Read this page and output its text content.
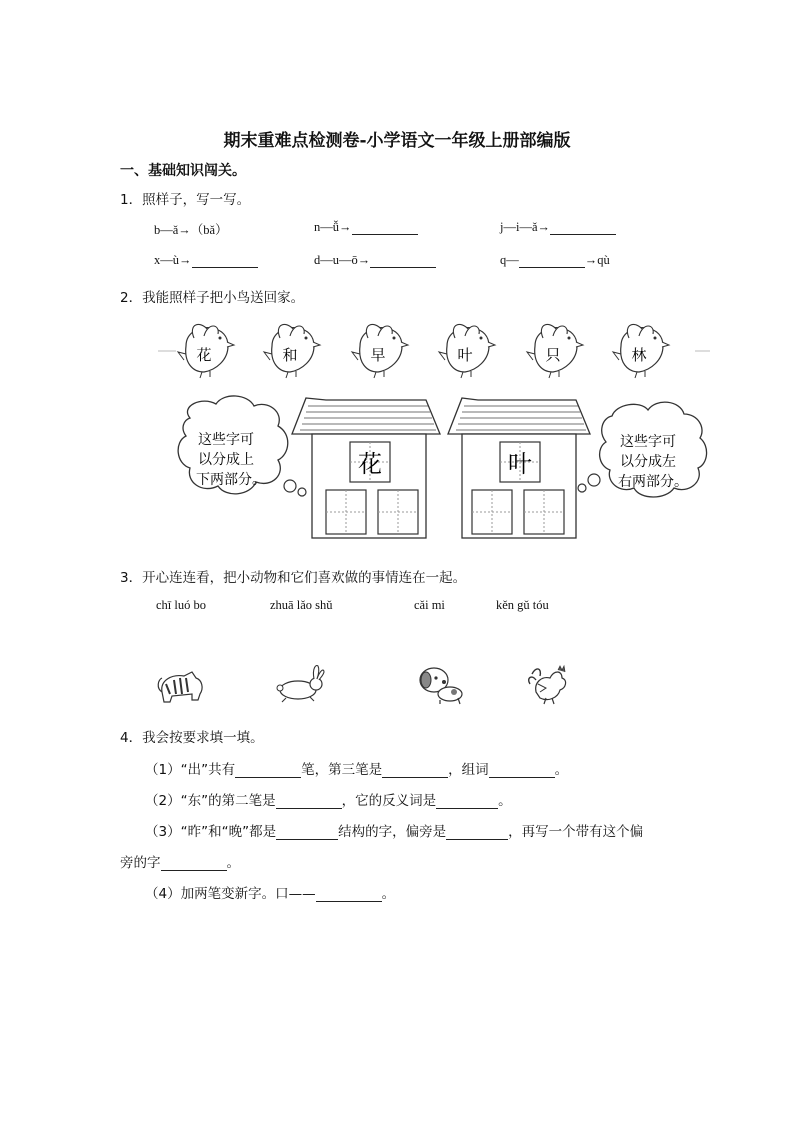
期末重难点检测卷-小学语文一年级上册部编版
一、基础知识闯关。
1．照样子，写一写。
b—ǎ→（bǎ）	n—ǚ→	j—i—ǎ→
x—ù→	d—u—ō→	q—	→qù
2．我能照样子把小鸟送回家。
花	和	早	叶	只	林
这些字可
以分成上
下两部分。
这些字可
以分成左
右两部分。
花	叶
3．开心连连看，把小动物和它们喜欢做的事情连在一起。
chī luó bo	zhuā lǎo shǔ	cǎi mi	kěn gǔ tóu
4．我会按要求填一填。
（1）“出”共有	笔，第三笔是	，组词	。
（2）“东”的第二笔是	，它的反义词是	。
（3）“昨”和“晚”都是	结构的字，偏旁是	，再写一个带有这个偏
旁的字	。
（4）加两笔变新字。口——	。
